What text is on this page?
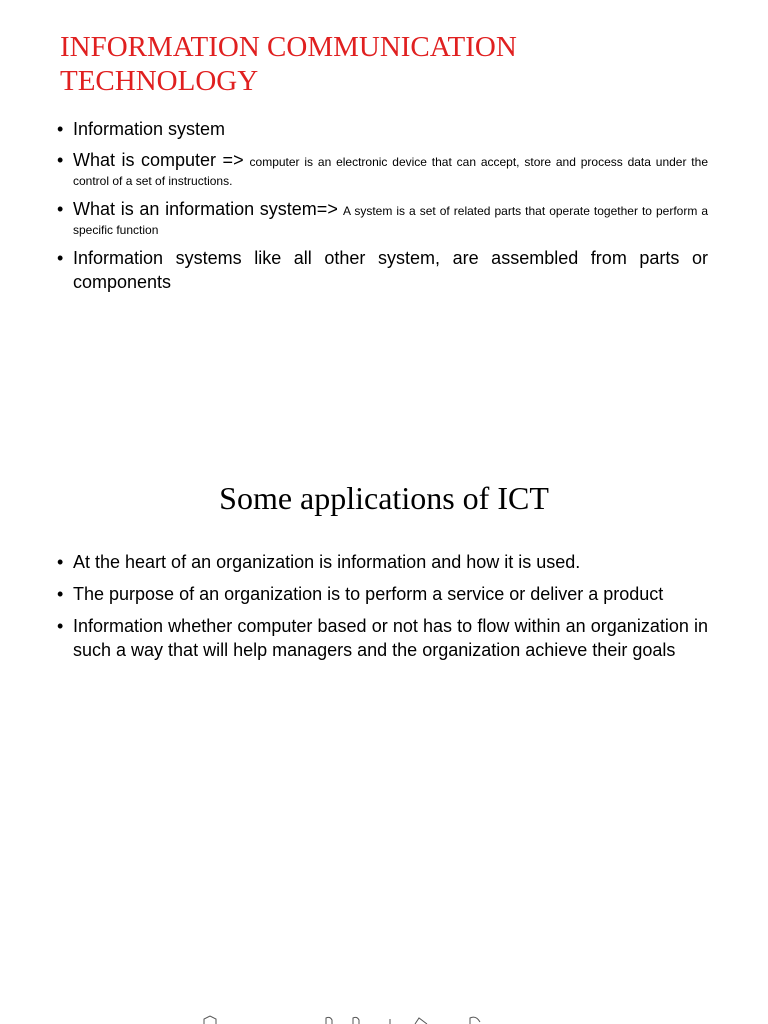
INFORMATION COMMUNICATION TECHNOLOGY
• Information system
• What is computer => computer is an electronic device that can accept, store and process data under the control of a set of instructions.
• What is an information system=> A system is a set of related parts that operate together to perform a specific function
• Information systems like all other system, are assembled from parts or components
Some applications of ICT
• At the heart of an organization is information and how it is used.
• The purpose of an organization is to perform a service or deliver a product
• Information whether computer based or not has to flow within an organization in such a way that will help managers and the organization achieve their goals
